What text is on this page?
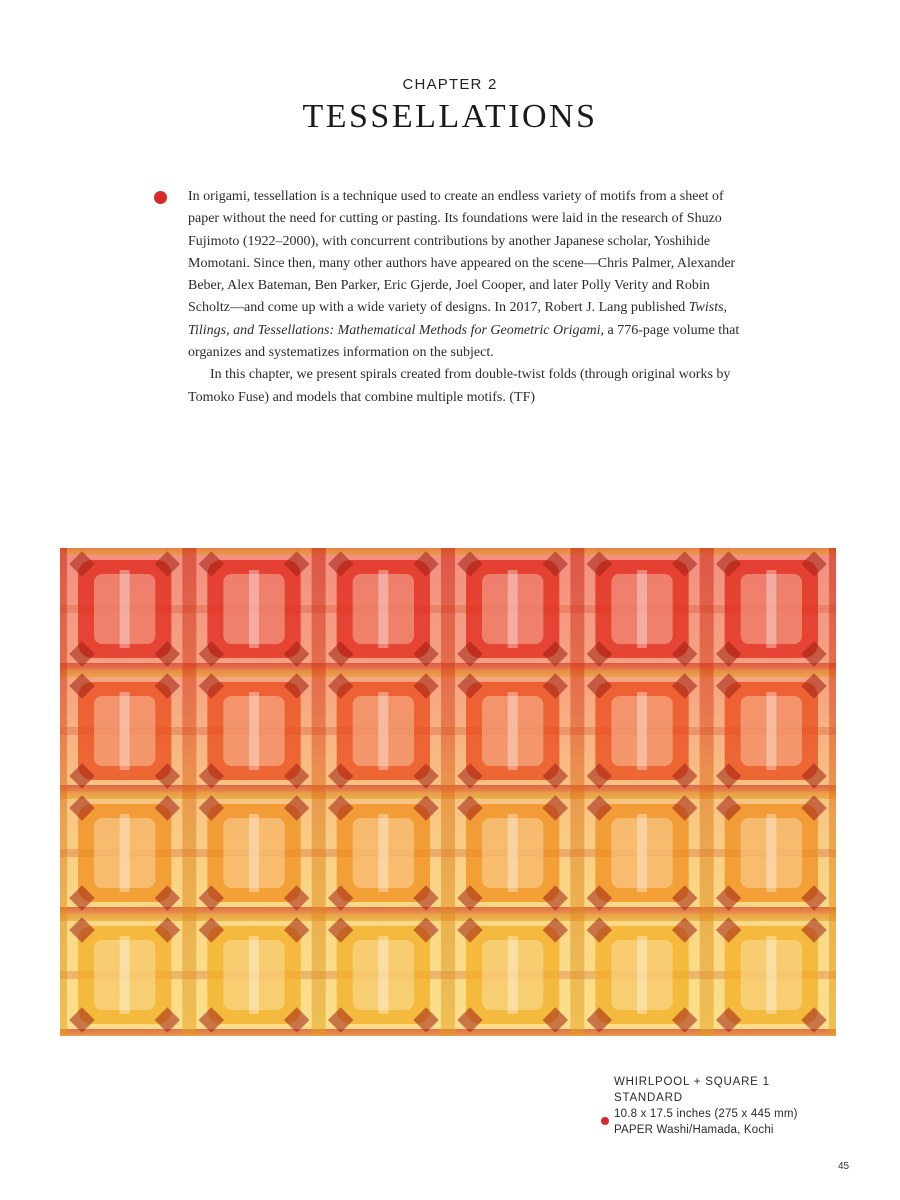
CHAPTER 2
TESSELLATIONS

In origami, tessellation is a technique used to create an endless variety of motifs from a sheet of paper without the need for cutting or pasting. Its foundations were laid in the research of Shuzo Fujimoto (1922–2000), with concurrent contributions by another Japanese scholar, Yoshihide Momotani. Since then, many other authors have appeared on the scene—Chris Palmer, Alexander Beber, Alex Bateman, Ben Parker, Eric Gjerde, Joel Cooper, and later Polly Verity and Robin Scholtz—and come up with a wide variety of designs. In 2017, Robert J. Lang published Twists, Tilings, and Tessellations: Mathematical Methods for Geometric Origami, a 776-page volume that organizes and systematizes information on the subject.

In this chapter, we present spirals created from double-twist folds (through original works by Tomoko Fuse) and models that combine multiple motifs. (TF)

WHIRLPOOL + SQUARE 1
STANDARD
10.8 x 17.5 inches (275 x 445 mm)
PAPER Washi/Hamada, Kochi
45
